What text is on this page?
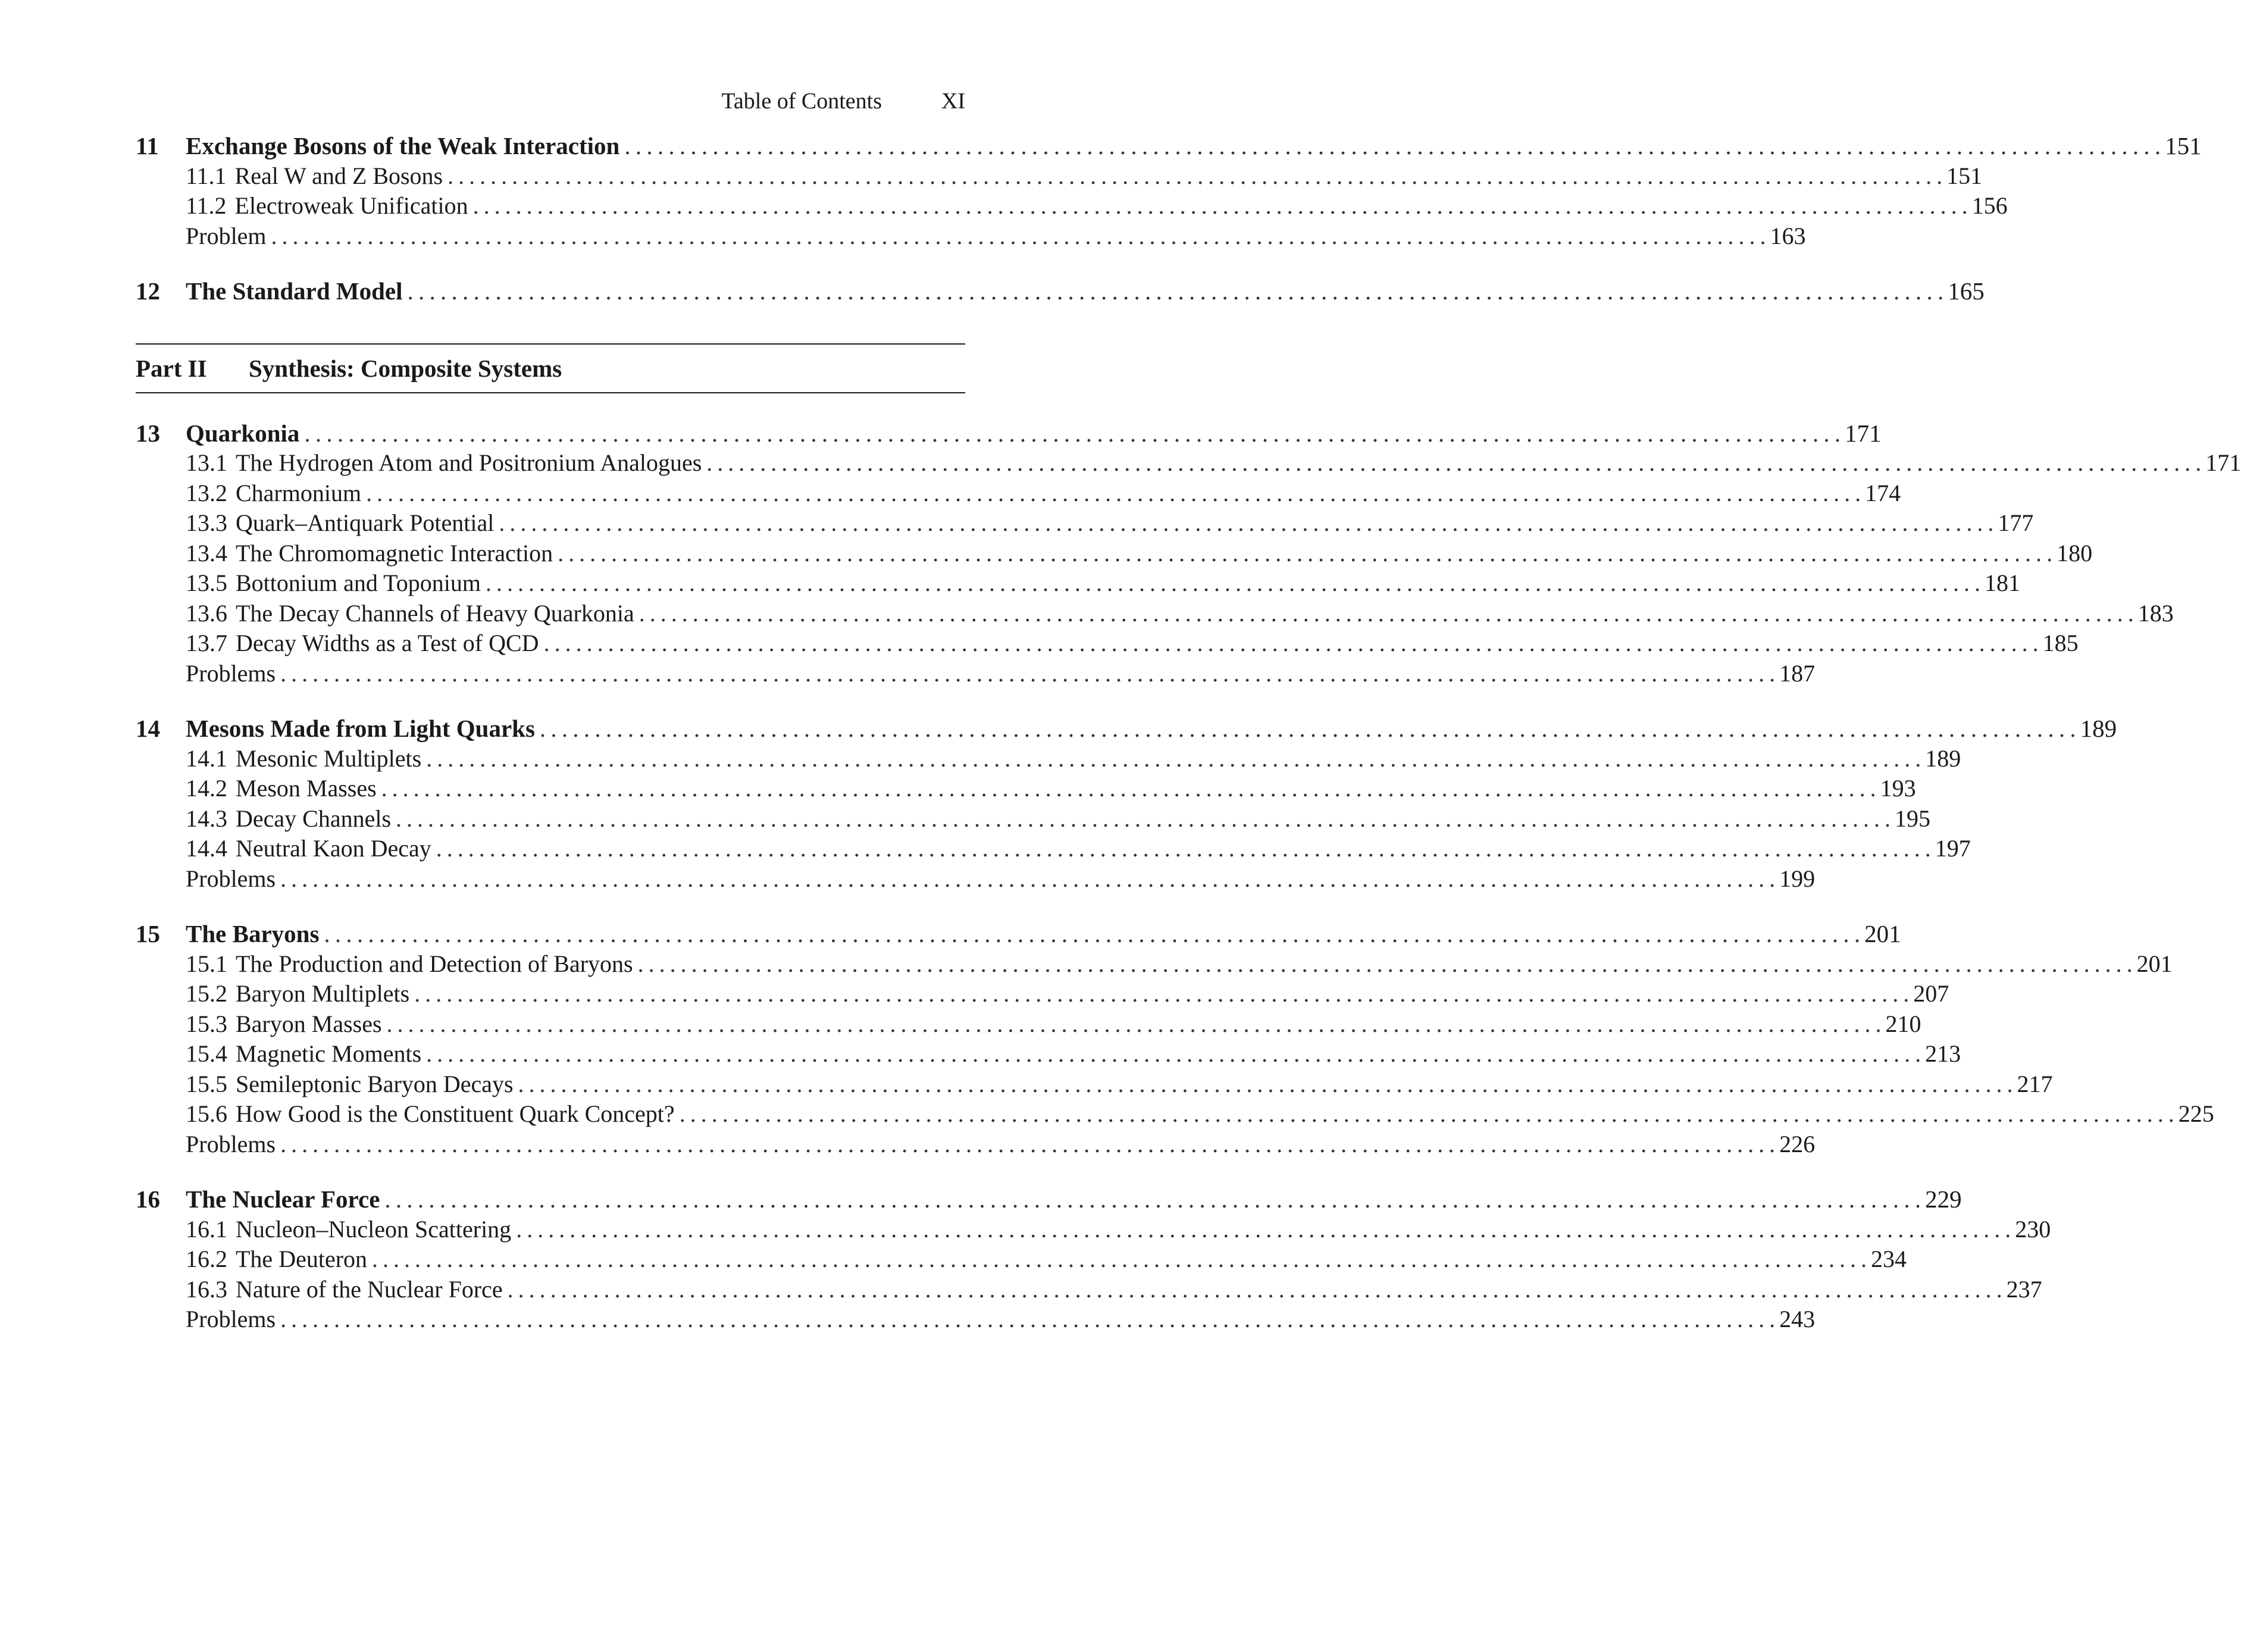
Table of Contents	XI
11	Exchange Bosons of the Weak Interaction . . .	151
11.1 Real W and Z Bosons . . .	151
11.2 Electroweak Unification . . .	156
Problem . . .	163
12	The Standard Model . . .	165
Part II	Synthesis: Composite Systems
13	Quarkonia . . .	171
13.1 The Hydrogen Atom and Positronium Analogues . . .	171
13.2 Charmonium . . .	174
13.3 Quark–Antiquark Potential . . .	177
13.4 The Chromomagnetic Interaction . . .	180
13.5 Bottonium and Toponium . . .	181
13.6 The Decay Channels of Heavy Quarkonia . . .	183
13.7 Decay Widths as a Test of QCD . . .	185
Problems . . .	187
14	Mesons Made from Light Quarks . . .	189
14.1 Mesonic Multiplets . . .	189
14.2 Meson Masses . . .	193
14.3 Decay Channels . . .	195
14.4 Neutral Kaon Decay . . .	197
Problems . . .	199
15	The Baryons . . .	201
15.1 The Production and Detection of Baryons . . .	201
15.2 Baryon Multiplets . . .	207
15.3 Baryon Masses . . .	210
15.4 Magnetic Moments . . .	213
15.5 Semileptonic Baryon Decays . . .	217
15.6 How Good is the Constituent Quark Concept? . . .	225
Problems . . .	226
16	The Nuclear Force . . .	229
16.1 Nucleon–Nucleon Scattering . . .	230
16.2 The Deuteron . . .	234
16.3 Nature of the Nuclear Force . . .	237
Problems . . .	243
